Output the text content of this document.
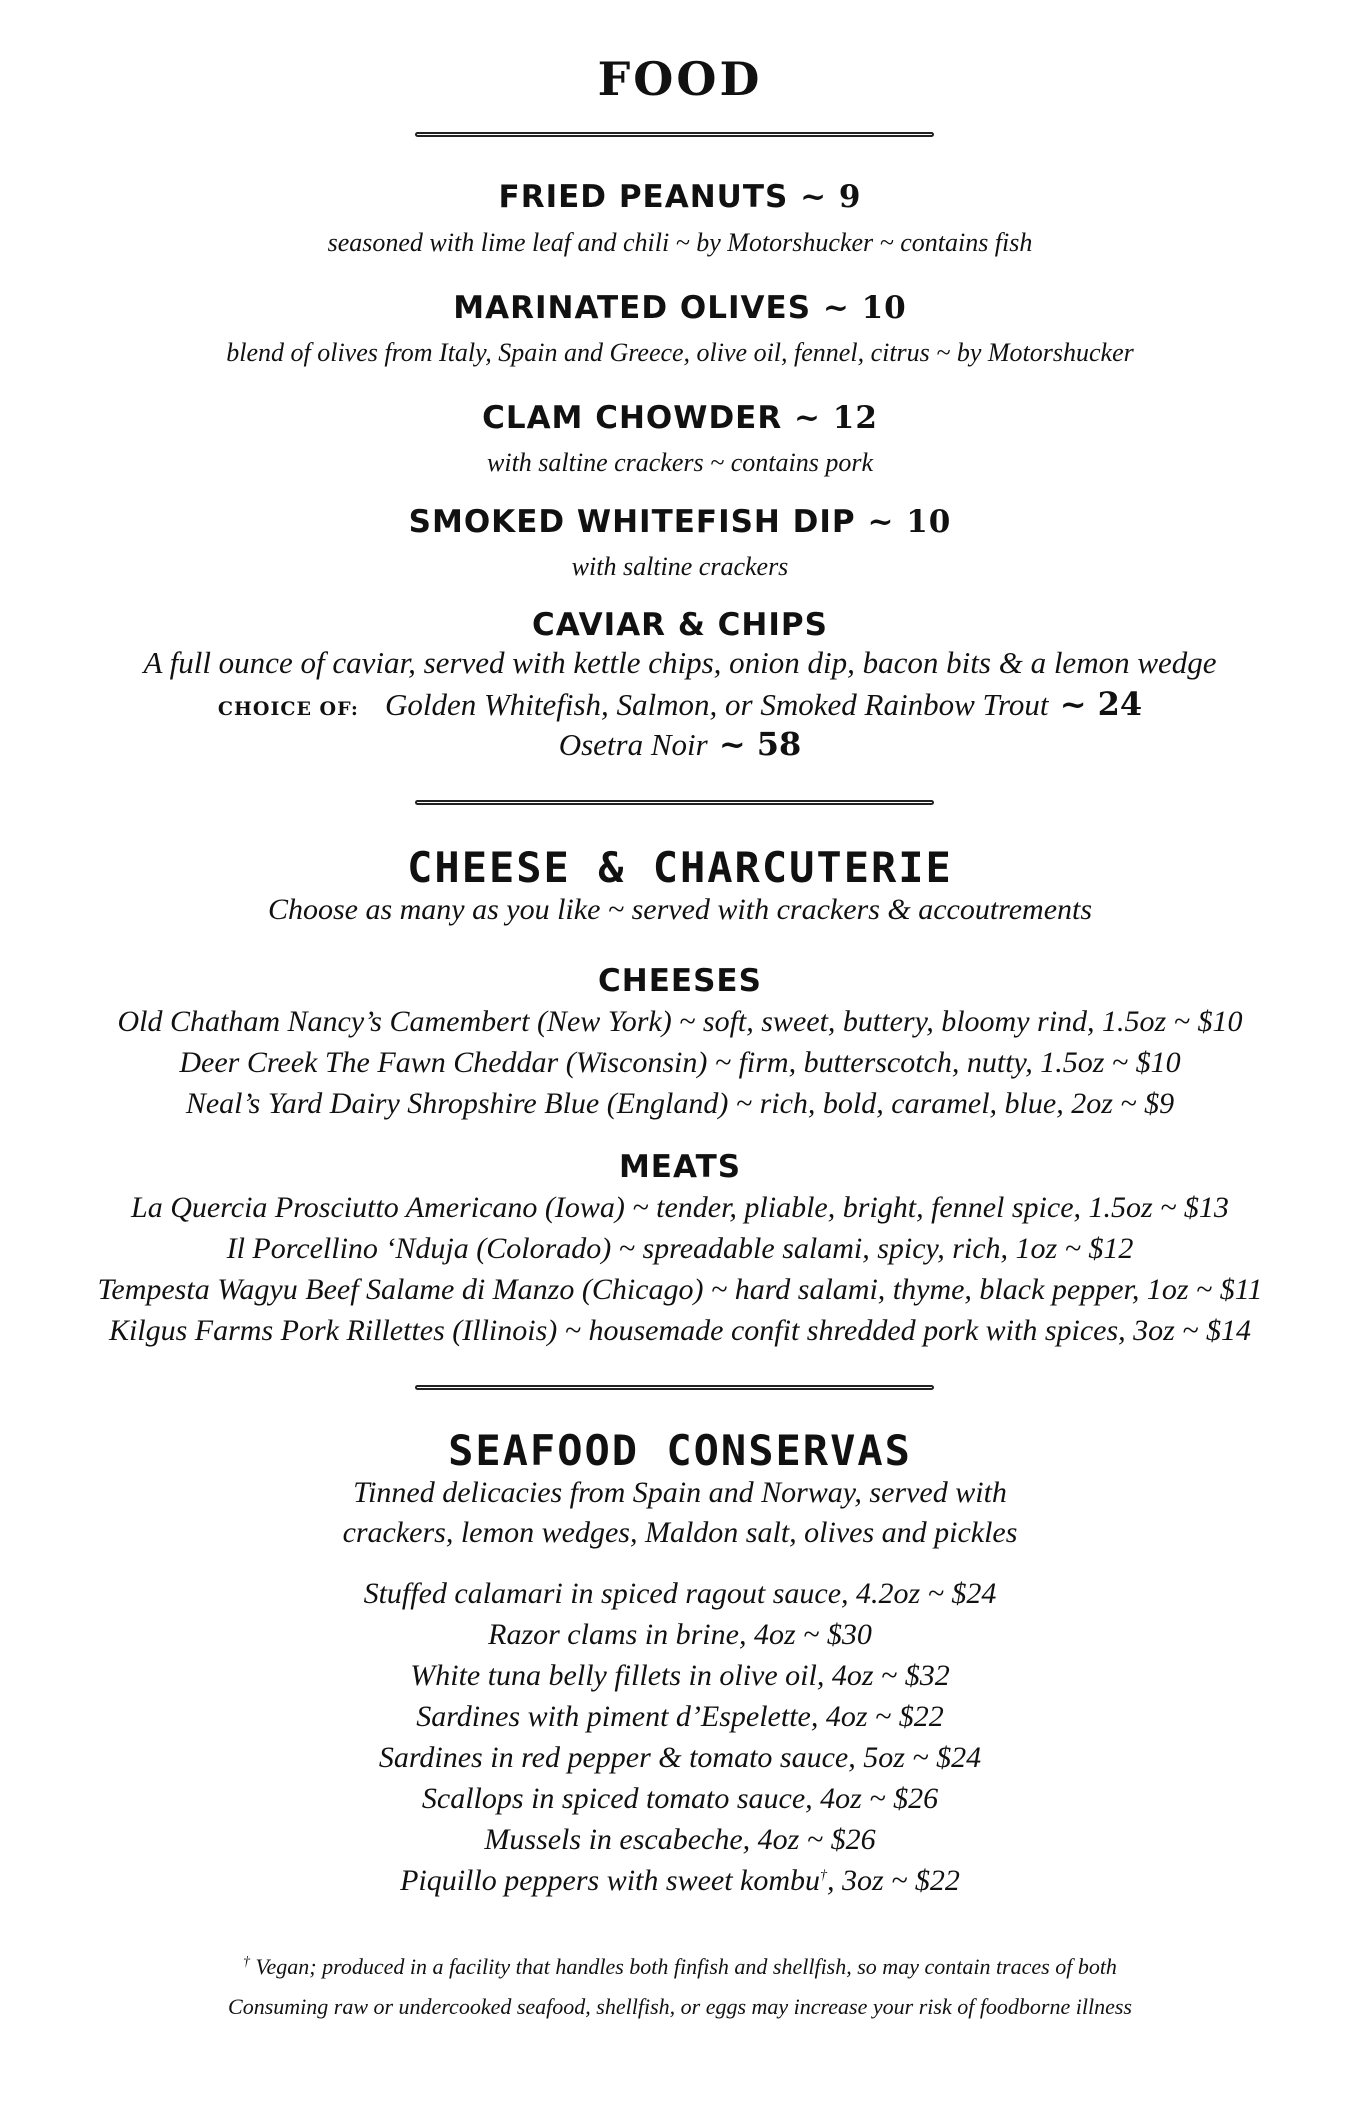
FOOD
FRIED PEANUTS ~ 9
seasoned with lime leaf and chili ~ by Motorshucker ~ contains fish
MARINATED OLIVES ~ 10
blend of olives from Italy, Spain and Greece, olive oil, fennel, citrus ~ by Motorshucker
CLAM CHOWDER ~ 12
with saltine crackers ~ contains pork
SMOKED WHITEFISH DIP ~ 10
with saltine crackers
CAVIAR & CHIPS
A full ounce of caviar, served with kettle chips, onion dip, bacon bits & a lemon wedge
CHOICE OF: Golden Whitefish, Salmon, or Smoked Rainbow Trout ~ 24
Osetra Noir ~ 58
CHEESE & CHARCUTERIE
Choose as many as you like ~ served with crackers & accoutrements
CHEESES
Old Chatham Nancy’s Camembert (New York) ~ soft, sweet, buttery, bloomy rind, 1.5oz ~ $10
Deer Creek The Fawn Cheddar (Wisconsin) ~ firm, butterscotch, nutty, 1.5oz ~ $10
Neal’s Yard Dairy Shropshire Blue (England) ~ rich, bold, caramel, blue, 2oz ~ $9
MEATS
La Quercia Prosciutto Americano (Iowa) ~ tender, pliable, bright, fennel spice, 1.5oz ~ $13
Il Porcellino ‘Nduja (Colorado) ~ spreadable salami, spicy, rich, 1oz ~ $12
Tempesta Wagyu Beef Salame di Manzo (Chicago) ~ hard salami, thyme, black pepper, 1oz ~ $11
Kilgus Farms Pork Rillettes (Illinois) ~ housemade confit shredded pork with spices, 3oz ~ $14
SEAFOOD CONSERVAS
Tinned delicacies from Spain and Norway, served with
crackers, lemon wedges, Maldon salt, olives and pickles
Stuffed calamari in spiced ragout sauce, 4.2oz ~ $24
Razor clams in brine, 4oz ~ $30
White tuna belly fillets in olive oil, 4oz ~ $32
Sardines with piment d’Espelette, 4oz ~ $22
Sardines in red pepper & tomato sauce, 5oz ~ $24
Scallops in spiced tomato sauce, 4oz ~ $26
Mussels in escabeche, 4oz ~ $26
Piquillo peppers with sweet kombu†, 3oz ~ $22
† Vegan; produced in a facility that handles both finfish and shellfish, so may contain traces of both
Consuming raw or undercooked seafood, shellfish, or eggs may increase your risk of foodborne illness
